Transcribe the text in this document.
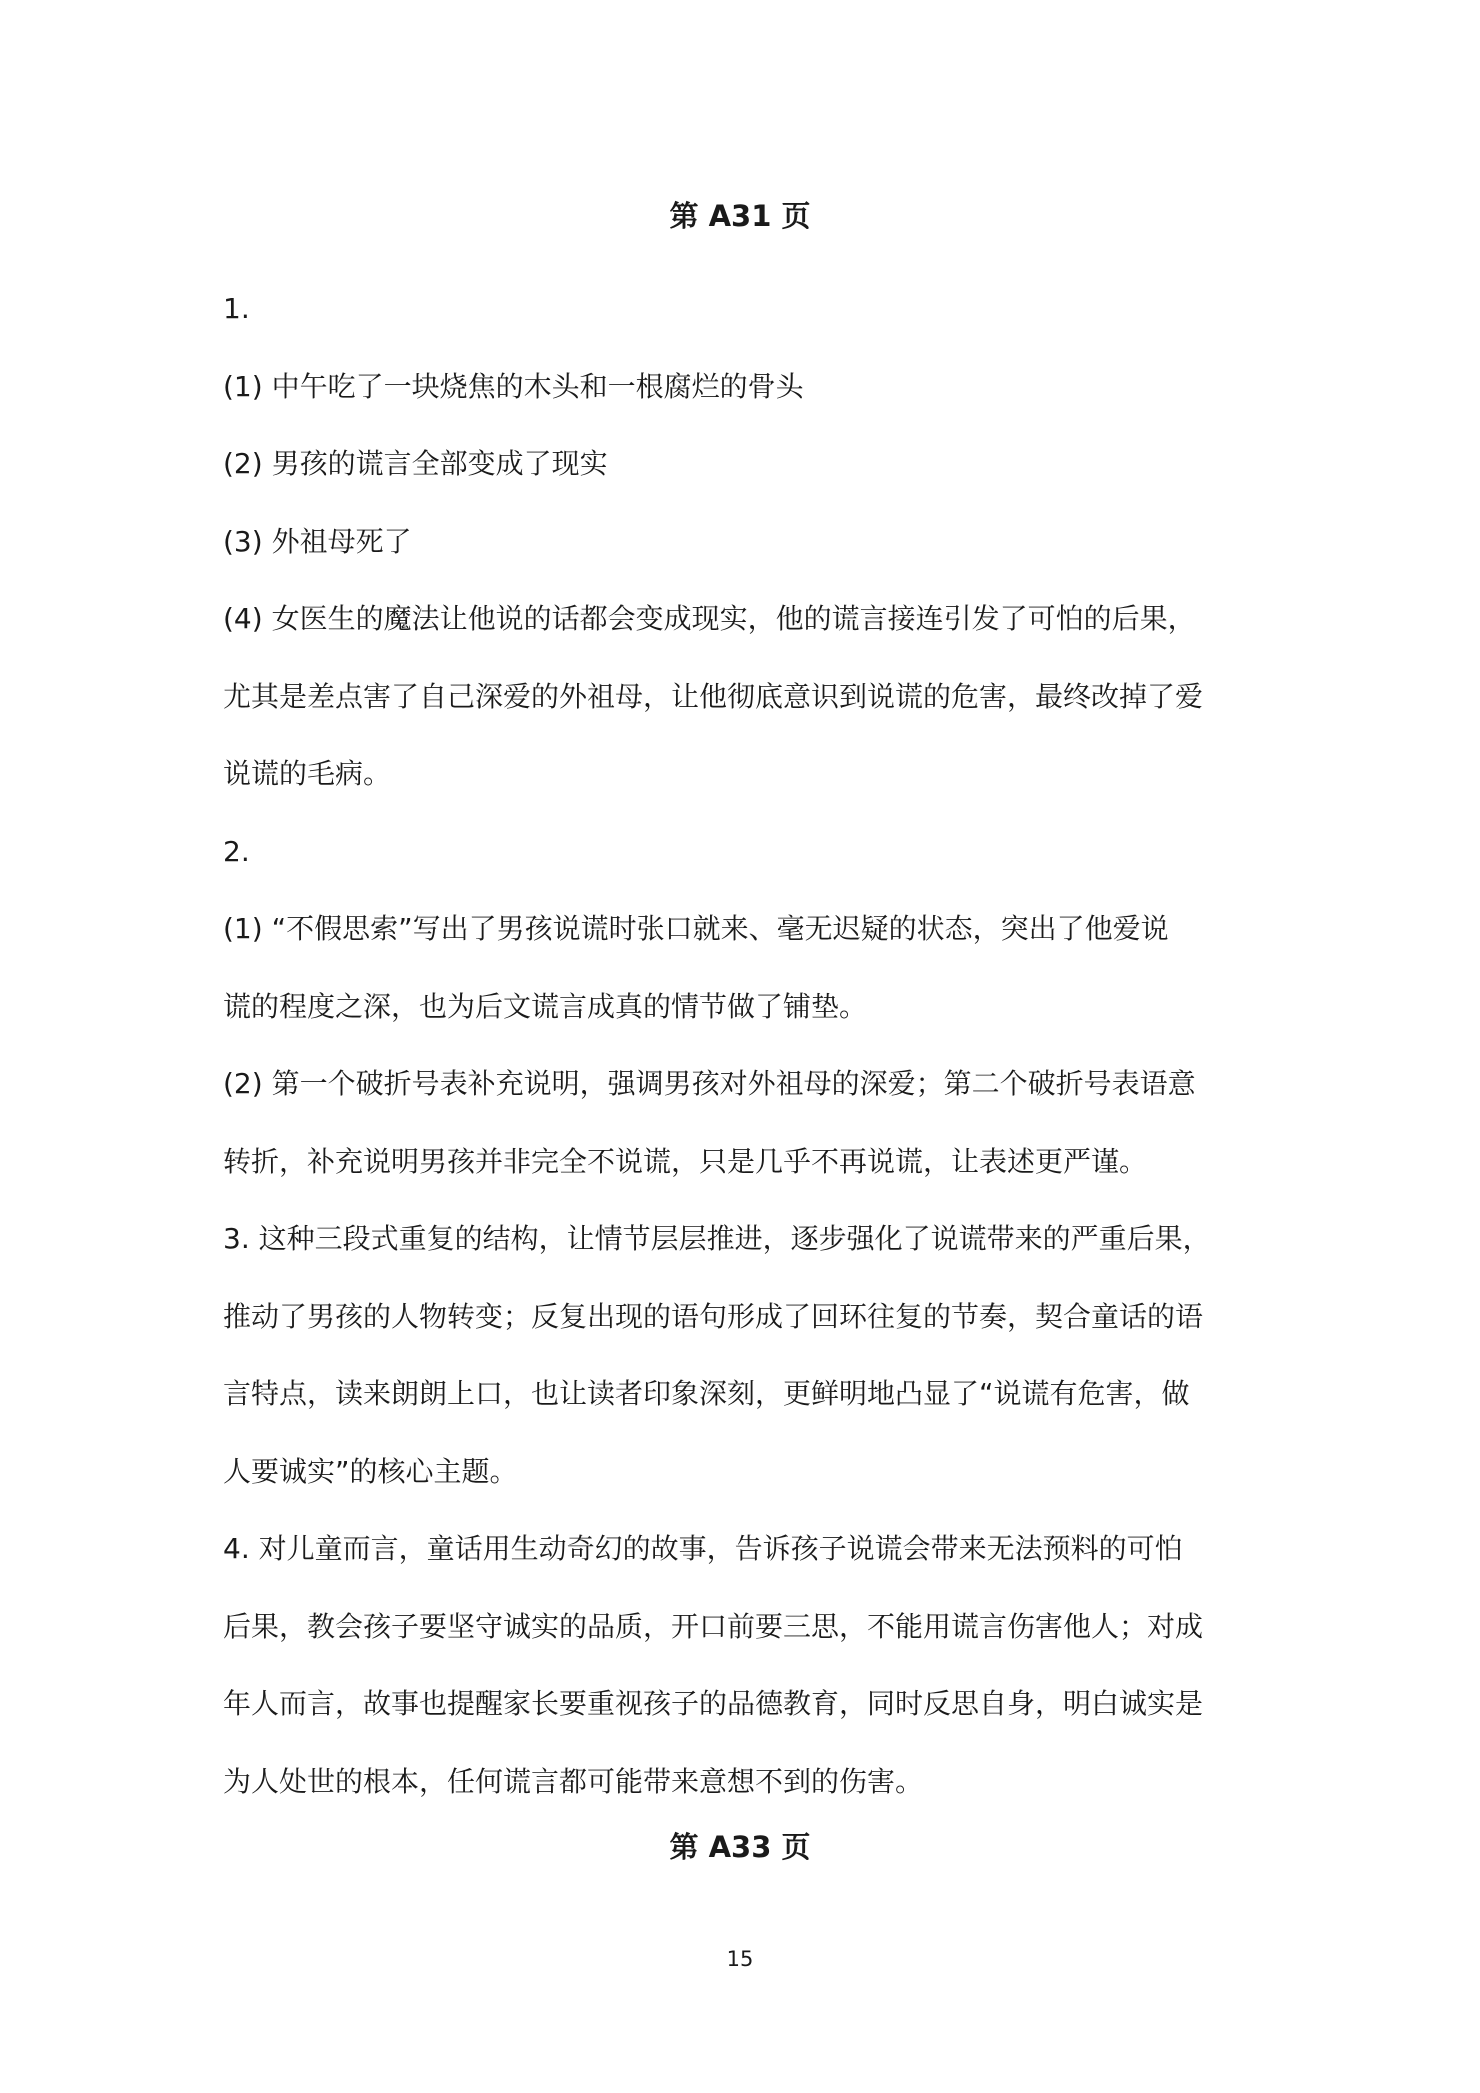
第 A31 页

1.

(1) 中午吃了一块烧焦的木头和一根腐烂的骨头

(2) 男孩的谎言全部变成了现实

(3) 外祖母死了

(4) 女医生的魔法让他说的话都会变成现实，他的谎言接连引发了可怕的后果，

尤其是差点害了自己深爱的外祖母，让他彻底意识到说谎的危害，最终改掉了爱

说谎的毛病。

2.

(1) “不假思索”写出了男孩说谎时张口就来、毫无迟疑的状态，突出了他爱说

谎的程度之深，也为后文谎言成真的情节做了铺垫。

(2) 第一个破折号表补充说明，强调男孩对外祖母的深爱；第二个破折号表语意

转折，补充说明男孩并非完全不说谎，只是几乎不再说谎，让表述更严谨。

3. 这种三段式重复的结构，让情节层层推进，逐步强化了说谎带来的严重后果，

推动了男孩的人物转变；反复出现的语句形成了回环往复的节奏，契合童话的语

言特点，读来朗朗上口，也让读者印象深刻，更鲜明地凸显了“说谎有危害，做

人要诚实”的核心主题。

4. 对儿童而言，童话用生动奇幻的故事，告诉孩子说谎会带来无法预料的可怕

后果，教会孩子要坚守诚实的品质，开口前要三思，不能用谎言伤害他人；对成

年人而言，故事也提醒家长要重视孩子的品德教育，同时反思自身，明白诚实是

为人处世的根本，任何谎言都可能带来意想不到的伤害。

第 A33 页
15
